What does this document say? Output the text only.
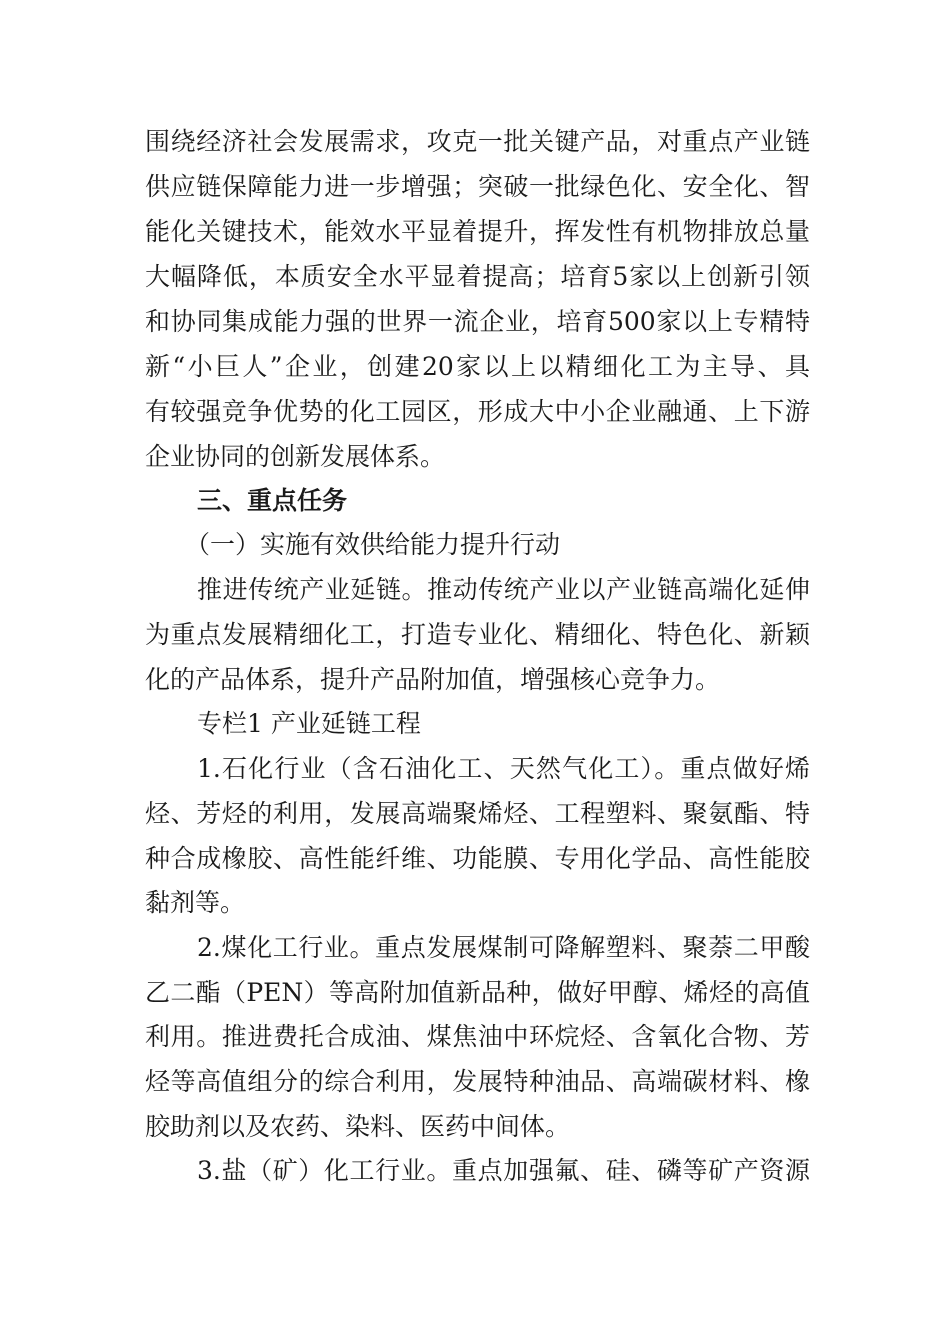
围绕经济社会发展需求，攻克一批关键产品，对重点产业链
供应链保障能力进一步增强；突破一批绿色化、安全化、智
能化关键技术，能效水平显着提升，挥发性有机物排放总量
大幅降低，本质安全水平显着提高；培育5家以上创新引领
和协同集成能力强的世界一流企业，培育500家以上专精特
新“小巨人”企业，创建20家以上以精细化工为主导、具
有较强竞争优势的化工园区，形成大中小企业融通、上下游
企业协同的创新发展体系。
三、重点任务
（一）实施有效供给能力提升行动
推进传统产业延链。推动传统产业以产业链高端化延伸
为重点发展精细化工，打造专业化、精细化、特色化、新颖
化的产品体系，提升产品附加值，增强核心竞争力。
专栏1 产业延链工程
1.石化行业（含石油化工、天然气化工）。重点做好烯
烃、芳烃的利用，发展高端聚烯烃、工程塑料、聚氨酯、特
种合成橡胶、高性能纤维、功能膜、专用化学品、高性能胶
黏剂等。
2.煤化工行业。重点发展煤制可降解塑料、聚萘二甲酸
乙二酯（PEN）等高附加值新品种，做好甲醇、烯烃的高值
利用。推进费托合成油、煤焦油中环烷烃、含氧化合物、芳
烃等高值组分的综合利用，发展特种油品、高端碳材料、橡
胶助剂以及农药、染料、医药中间体。
3.盐（矿）化工行业。重点加强氟、硅、磷等矿产资源
